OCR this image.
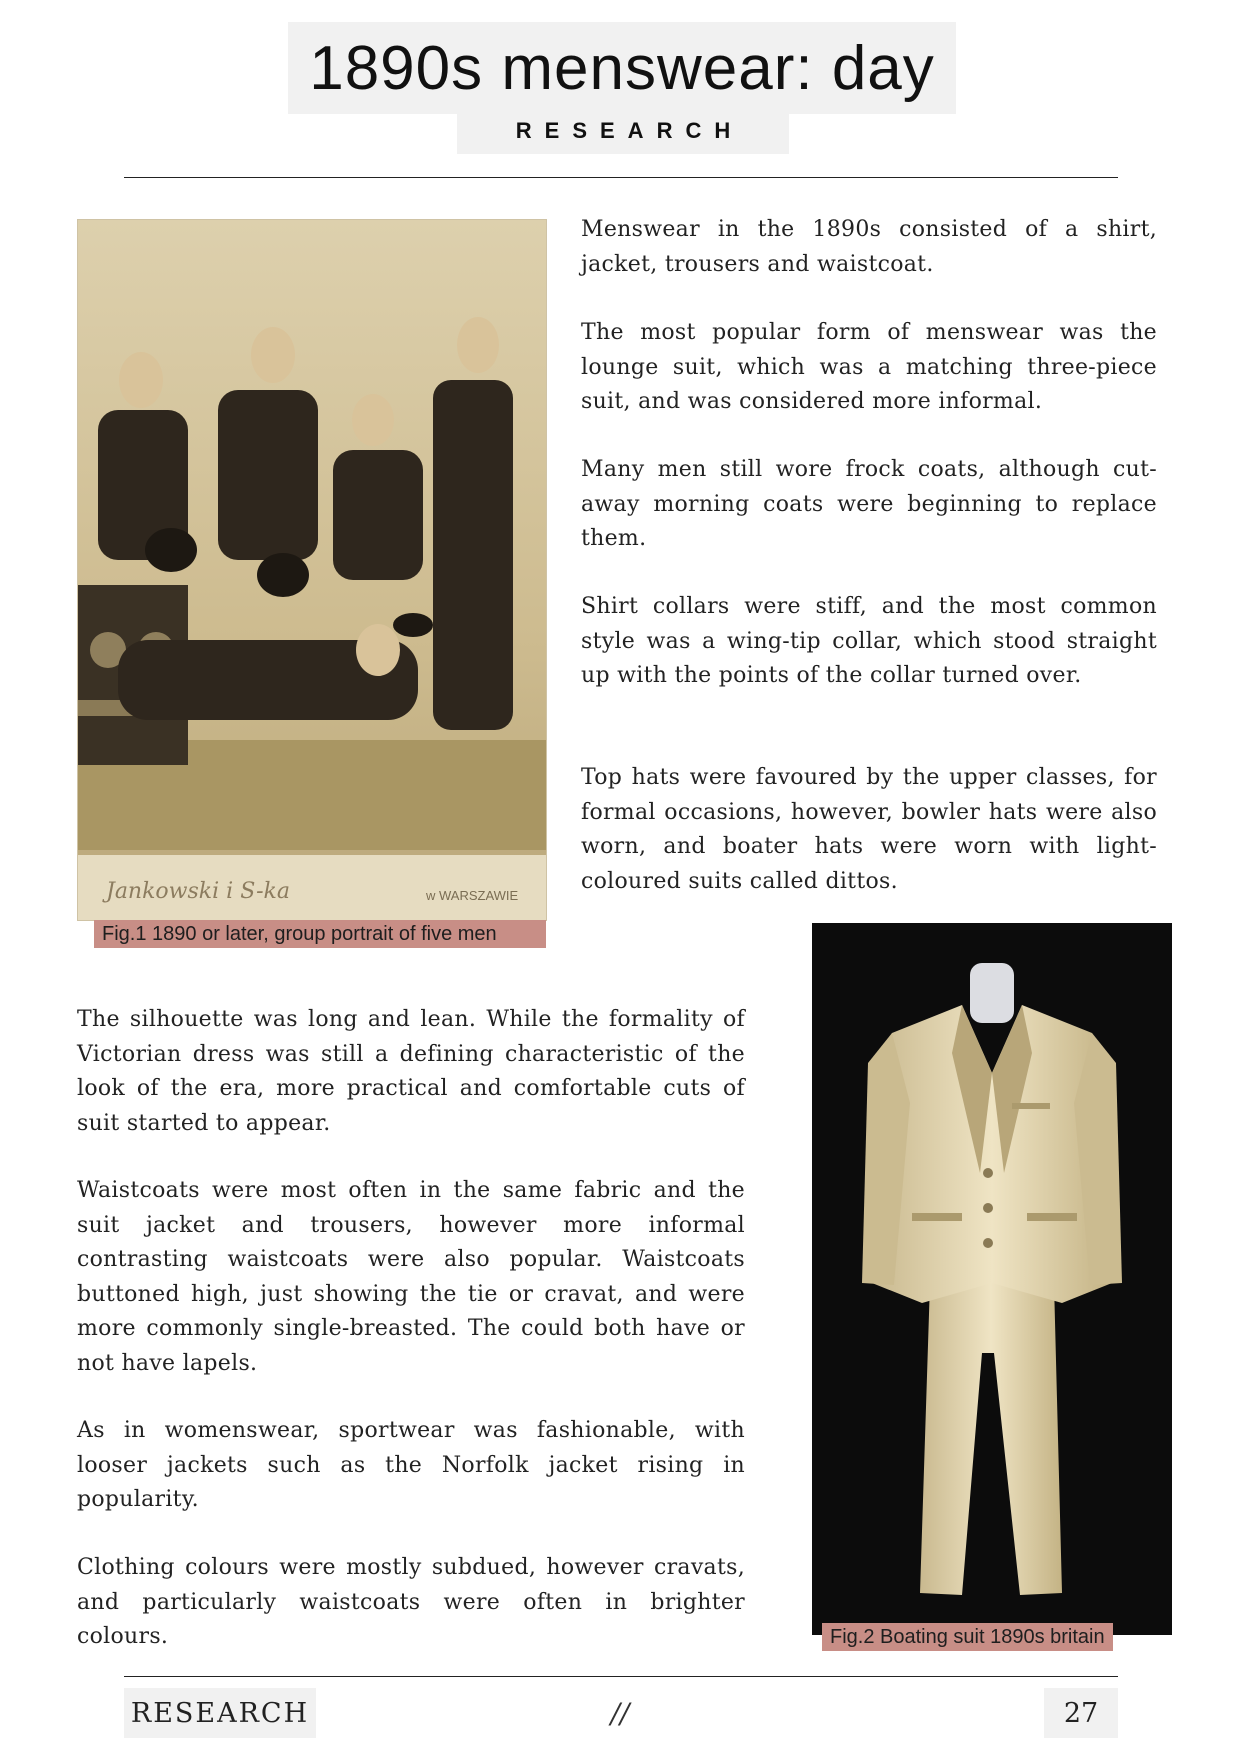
1890s menswear: day
RESEARCH
Jankowski i S-ka	w WARSZAWIE
Fig.1 1890 or later, group portrait of five men

Menswear in the 1890s consisted of a shirt, jacket, trousers and waistcoat.

The most popular form of menswear was the lounge suit, which was a matching three-piece suit, and was considered more informal.

Many men still wore frock coats, although cut-away morning coats were beginning to replace them.

Shirt collars were stiff, and the most common style was a wing-tip collar, which stood straight up with the points of the collar turned over.

Top hats were favoured by the upper classes, for formal occasions, however, bowler hats were also worn, and boater hats were worn with light-coloured suits called dittos.

The silhouette was long and lean. While the formality of Victorian dress was still a defining characteristic of the look of the era, more practical and comfortable cuts of suit started to appear.

Waistcoats were most often in the same fabric and the suit jacket and trousers, however more informal contrasting waistcoats were also popular. Waistcoats buttoned high, just showing the tie or cravat, and were more commonly single-breasted. The could both have or not have lapels.

As in womenswear, sportwear was fashionable, with looser jackets such as the Norfolk jacket rising in popularity.

Clothing colours were mostly subdued, however cravats, and particularly waistcoats were often in brighter colours.	Fig.2 Boating suit 1890s britain
RESEARCH	//	27
